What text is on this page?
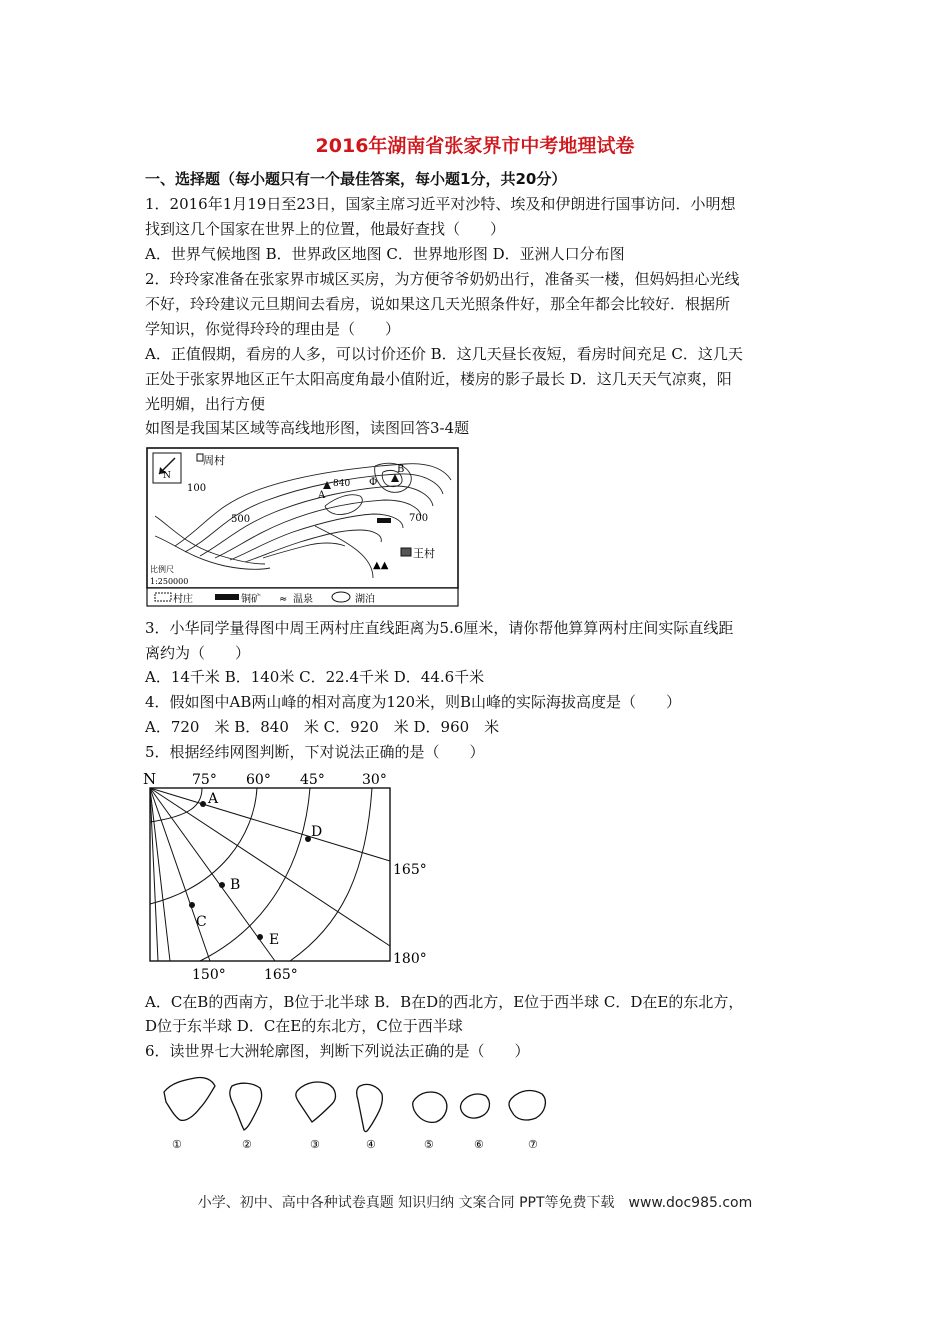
2016年湖南省张家界市中考地理试卷
一、选择题（每小题只有一个最佳答案，每小题1分，共20分）
1．2016年1月19日至23日，国家主席习近平对沙特、埃及和伊朗进行国事访问．小明想
找到这几个国家在世界上的位置，他最好查找（　　）
A．世界气候地图 B．世界政区地图 C．世界地形图 D．亚洲人口分布图
2．玲玲家准备在张家界市城区买房，为方便爷爷奶奶出行，准备买一楼，但妈妈担心光线
不好，玲玲建议元旦期间去看房，说如果这几天光照条件好，那全年都会比较好．根据所
学知识，你觉得玲玲的理由是（　　）
A．正值假期，看房的人多，可以讨价还价 B．这几天昼长夜短，看房时间充足 C．这几天
正处于张家界地区正午太阳高度角最小值附近，楼房的影子最长 D．这几天天气凉爽，阳
光明媚，出行方便
如图是我国某区域等高线地形图，读图回答3-4题
N
周村
100
500	700
A
840 Ф
B
王村
▲▲
比例尺
1:250000
村庄	铜矿 ≈ 温泉	湖泊
3．小华同学量得图中周王两村庄直线距离为5.6厘米，请你帮他算算两村庄间实际直线距
离约为（　　）
A．14千米 B．140米 C．22.4千米 D．44.6千米
4．假如图中AB两山峰的相对高度为120米，则B山峰的实际海拔高度是（　　）
A．720　米 B．840　米 C．920　米 D．960　米
5．根据经纬网图判断，下对说法正确的是（　　）
N	75° 60° 45°	30°
A
B
C
D
E
165°
180°
150°	165°
A．C在B的西南方，B位于北半球 B．B在D的西北方，E位于西半球 C．D在E的东北方，
D位于东半球 D．C在E的东北方，C位于西半球
6．读世界七大洲轮廓图，判断下列说法正确的是（　　）
①	②	③	④	⑤	⑥	⑦
小学、初中、高中各种试卷真题 知识归纳 文案合同 PPT等免费下载　www.doc985.com
